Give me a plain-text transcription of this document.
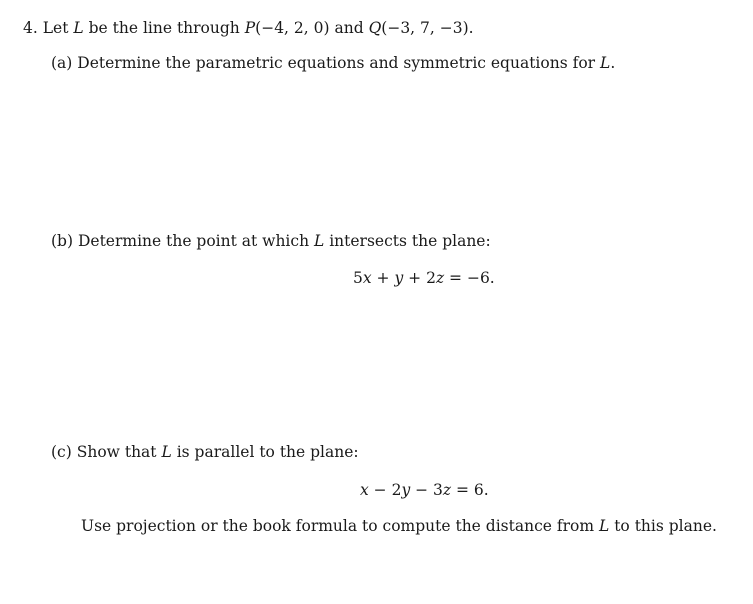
4. Let L be the line through P(−4, 2, 0) and Q(−3, 7, −3).
(a) Determine the parametric equations and symmetric equations for L.
(b) Determine the point at which L intersects the plane:
5x + y + 2z = −6.
(c) Show that L is parallel to the plane:
x − 2y − 3z = 6.
Use projection or the book formula to compute the distance from L to this plane.
